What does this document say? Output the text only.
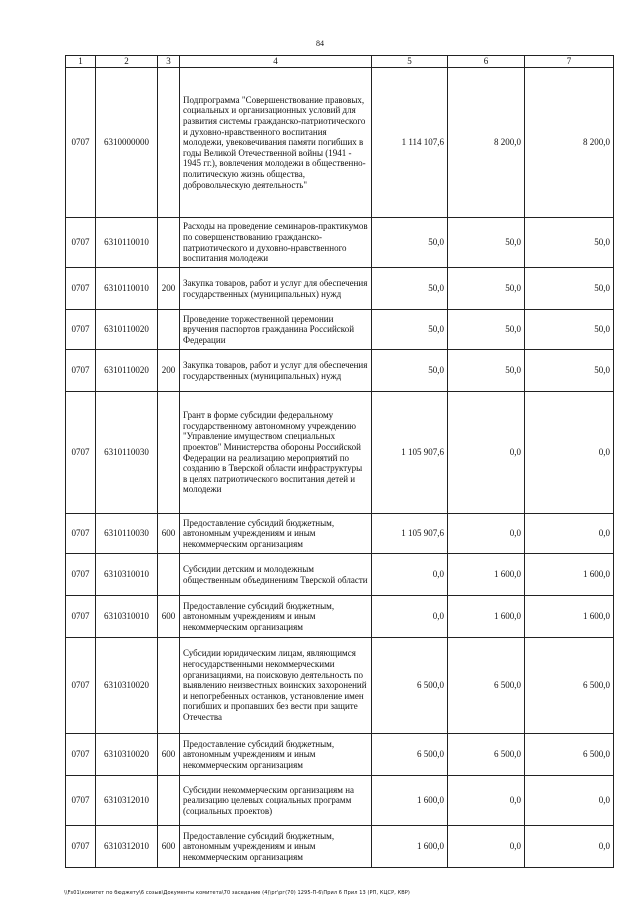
84
1	2	3	4	5	6	7
0707	6310000000		Подпрограмма "Совершенствование правовых, социальных и организационных условий для развития системы гражданско-патриотического и духовно-нравственного воспитания молодежи, увековечивания памяти погибших в годы Великой Отечественной войны (1941 - 1945 гг.), вовлечения молодежи в общественно-политическую жизнь общества, добровольческую деятельность"	1 114 107,6	8 200,0	8 200,0
0707	6310110010		Расходы на проведение семинаров-практикумов по совершенствованию гражданско-патриотического и духовно-нравственного воспитания молодежи	50,0	50,0	50,0
0707	6310110010	200	Закупка товаров, работ и услуг для обеспечения государственных (муниципальных) нужд	50,0	50,0	50,0
0707	6310110020		Проведение торжественной церемонии вручения паспортов гражданина Российской Федерации	50,0	50,0	50,0
0707	6310110020	200	Закупка товаров, работ и услуг для обеспечения государственных (муниципальных) нужд	50,0	50,0	50,0
0707	6310110030		Грант в форме субсидии федеральному государственному автономному учреждению "Управление имуществом специальных проектов" Министерства обороны Российской Федерации на реализацию мероприятий по созданию в Тверской области инфраструктуры в целях патриотического воспитания детей и молодежи	1 105 907,6	0,0	0,0
0707	6310110030	600	Предоставление субсидий бюджетным, автономным учреждениям и иным некоммерческим организациям	1 105 907,6	0,0	0,0
0707	6310310010		Субсидии детским и молодежным общественным объединениям Тверской области	0,0	1 600,0	1 600,0
0707	6310310010	600	Предоставление субсидий бюджетным, автономным учреждениям и иным некоммерческим организациям	0,0	1 600,0	1 600,0
0707	6310310020		Субсидии юридическим лицам, являющимся негосударственными некоммерческими организациями, на поисковую деятельность по выявлению неизвестных воинских захоронений и непогребенных останков, установление имен погибших и пропавших без вести при защите Отечества	6 500,0	6 500,0	6 500,0
0707	6310310020	600	Предоставление субсидий бюджетным, автономным учреждениям и иным некоммерческим организациям	6 500,0	6 500,0	6 500,0
0707	6310312010		Субсидии некоммерческим организациям на реализацию целевых социальных программ (социальных проектов)	1 600,0	0,0	0,0
0707	6310312010	600	Предоставление субсидий бюджетным, автономным учреждениям и иным некоммерческим организациям	1 600,0	0,0	0,0
\\Fs01\комитет по бюджету\6 созыв\Документы комитета\70 заседание (4)\рг\рг(70) 1295-П-6\Прил 6 Прил 13 (РП, КЦСР, КВР)
